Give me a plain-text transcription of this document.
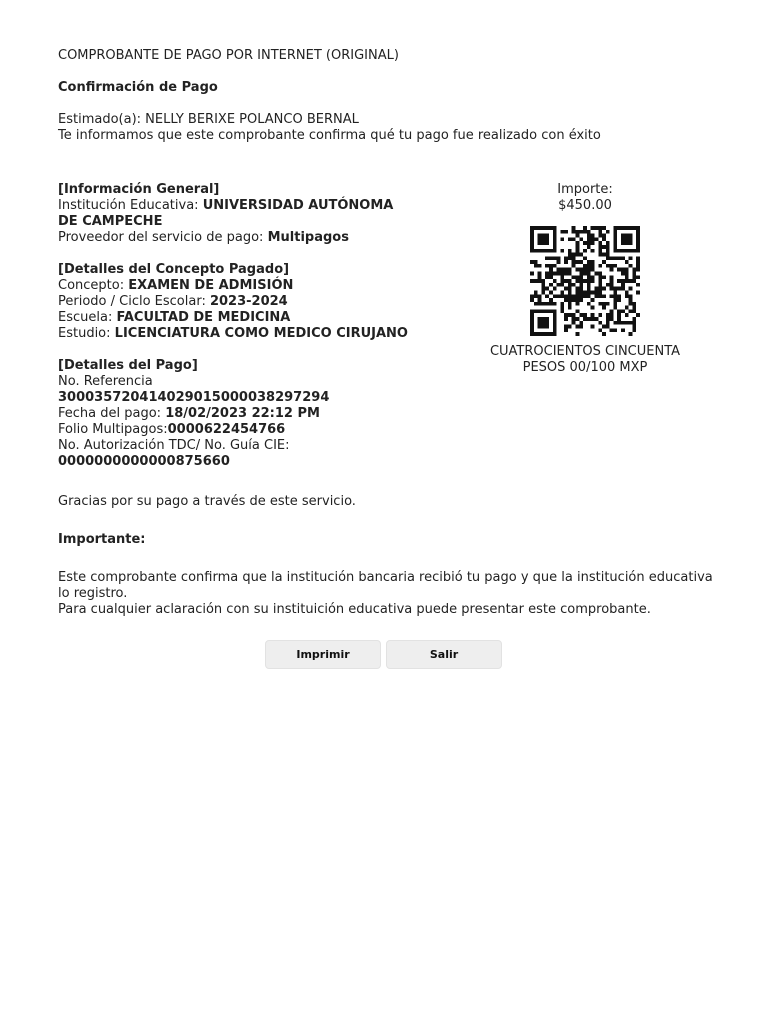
COMPROBANTE DE PAGO POR INTERNET (ORIGINAL)
Confirmación de Pago
Estimado(a): NELLY BERIXE POLANCO BERNAL
Te informamos que este comprobante confirma qué tu pago fue realizado con éxito
[Información General]
Institución Educativa: UNIVERSIDAD AUTÓNOMA
DE CAMPECHE
Proveedor del servicio de pago: Multipagos
[Detalles del Concepto Pagado]
Concepto: EXAMEN DE ADMISIÓN
Periodo / Ciclo Escolar: 2023-2024
Escuela: FACULTAD DE MEDICINA
Estudio: LICENCIATURA COMO MEDICO CIRUJANO
[Detalles del Pago]
No. Referencia
3000357204140290150000382972​94
Fecha del pago: 18/02/2023 22:12 PM
Folio Multipagos:0000622454766
No. Autorización TDC/ No. Guía CIE:
0000000000000875660
Importe:
$450.00
CUATROCIENTOS CINCUENTA
PESOS 00/100 MXP
Gracias por su pago a través de este servicio.
Importante:
Este comprobante confirma que la institución bancaria recibió tu pago y que la institución educativa lo registro.
Para cualquier aclaración con su instituición educativa puede presentar este comprobante.
Imprimir	Salir
